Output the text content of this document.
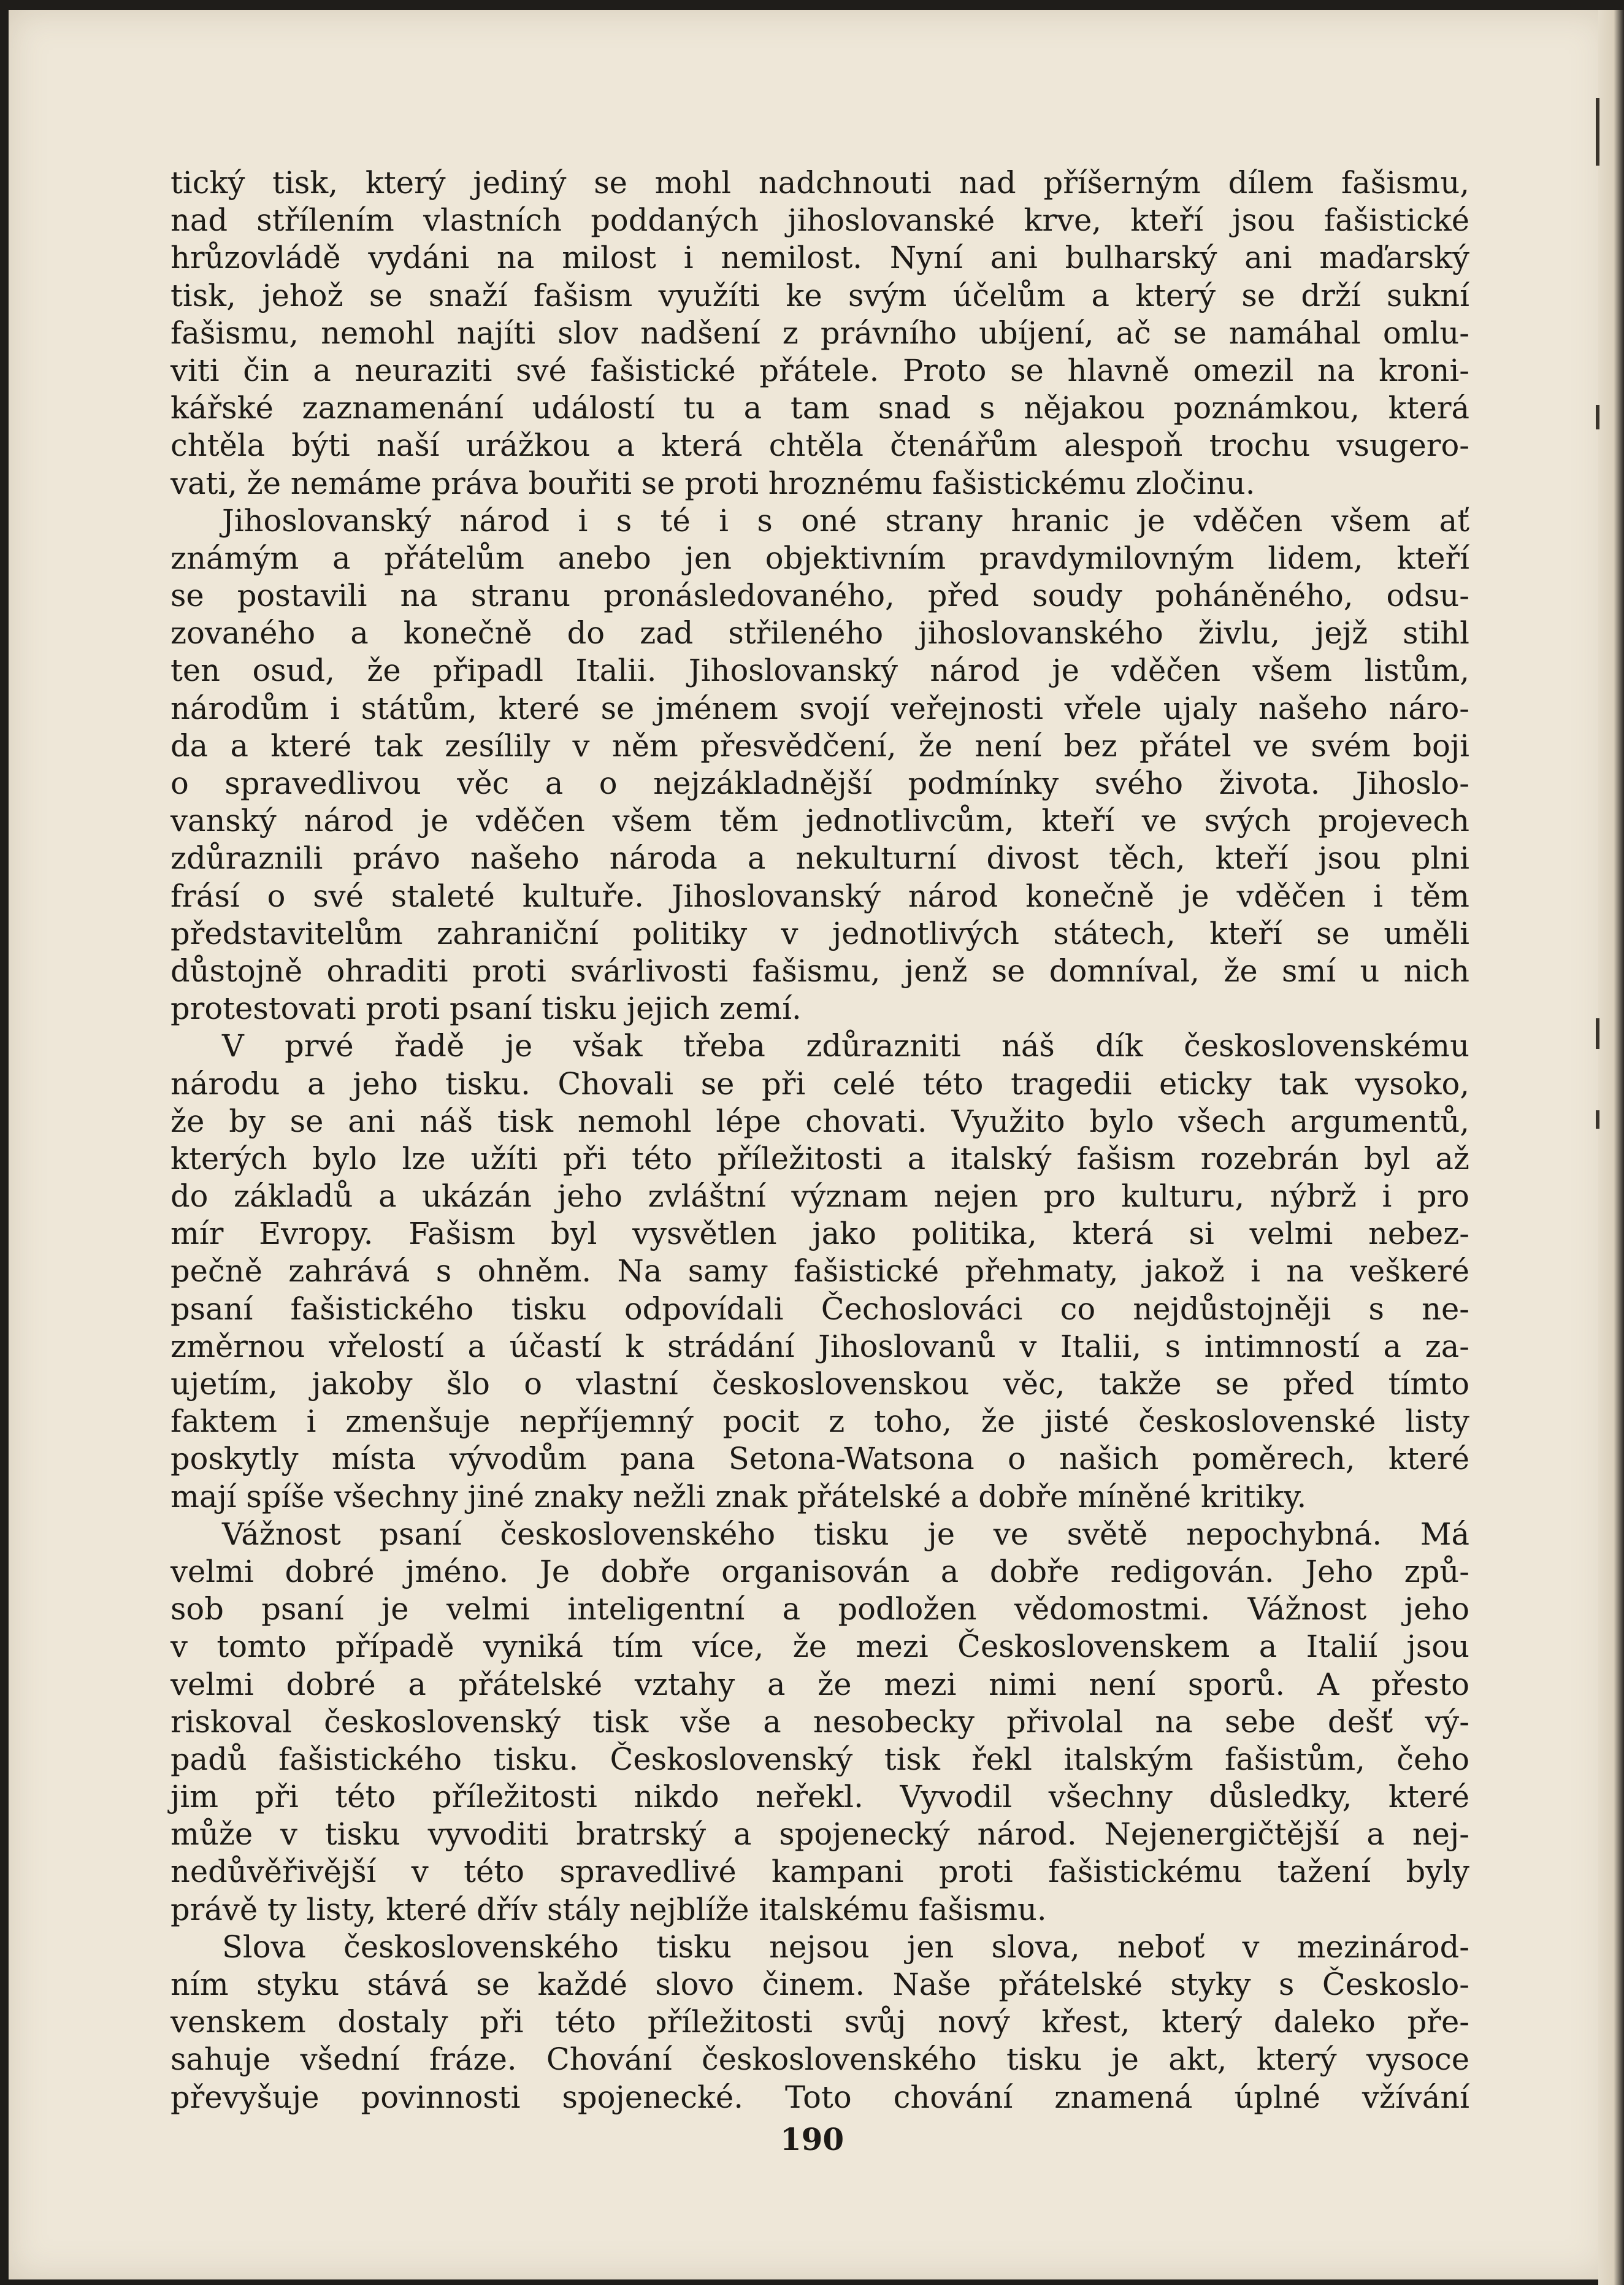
tický tisk, který jediný se mohl nadchnouti nad příšerným dílem fašismu,
nad střílením vlastních poddaných jihoslovanské krve, kteří jsou fašistické
hrůzovládě vydáni na milost i nemilost. Nyní ani bulharský ani maďarský
tisk, jehož se snaží fašism využíti ke svým účelům a který se drží sukní
fašismu, nemohl najíti slov nadšení z právního ubíjení, ač se namáhal omlu-
viti čin a neuraziti své fašistické přátele. Proto se hlavně omezil na kroni-
kářské zaznamenání událostí tu a tam snad s nějakou poznámkou, která
chtěla býti naší urážkou a která chtěla čtenářům alespoň trochu vsugero-
vati, že nemáme práva bouřiti se proti hroznému fašistickému zločinu.
Jihoslovanský národ i s té i s oné strany hranic je vděčen všem ať
známým a přátelům anebo jen objektivním pravdymilovným lidem, kteří
se postavili na stranu pronásledovaného, před soudy poháněného, odsu-
zovaného a konečně do zad střileného jihoslovanského živlu, jejž stihl
ten osud, že připadl Italii. Jihoslovanský národ je vděčen všem listům,
národům i státům, které se jménem svojí veřejnosti vřele ujaly našeho náro-
da a které tak zesílily v něm přesvědčení, že není bez přátel ve svém boji
o spravedlivou věc a o nejzákladnější podmínky svého života. Jihoslo-
vanský národ je vděčen všem těm jednotlivcům, kteří ve svých projevech
zdůraznili právo našeho národa a nekulturní divost těch, kteří jsou plni
frásí o své staleté kultuře. Jihoslovanský národ konečně je vděčen i těm
představitelům zahraniční politiky v jednotlivých státech, kteří se uměli
důstojně ohraditi proti svárlivosti fašismu, jenž se domníval, že smí u nich
protestovati proti psaní tisku jejich zemí.
V prvé řadě je však třeba zdůrazniti náš dík československému
národu a jeho tisku. Chovali se při celé této tragedii eticky tak vysoko,
že by se ani náš tisk nemohl lépe chovati. Využito bylo všech argumentů,
kterých bylo lze užíti při této příležitosti a italský fašism rozebrán byl až
do základů a ukázán jeho zvláštní význam nejen pro kulturu, nýbrž i pro
mír Evropy. Fašism byl vysvětlen jako politika, která si velmi nebez-
pečně zahrává s ohněm. Na samy fašistické přehmaty, jakož i na veškeré
psaní fašistického tisku odpovídali Čechoslováci co nejdůstojněji s ne-
změrnou vřelostí a účastí k strádání Jihoslovanů v Italii, s intimností a za-
ujetím, jakoby šlo o vlastní československou věc, takže se před tímto
faktem i zmenšuje nepříjemný pocit z toho, že jisté československé listy
poskytly místa vývodům pana Setona-Watsona o našich poměrech, které
mají spíše všechny jiné znaky nežli znak přátelské a dobře míněné kritiky.
Vážnost psaní československého tisku je ve světě nepochybná. Má
velmi dobré jméno. Je dobře organisován a dobře redigován. Jeho způ-
sob psaní je velmi inteligentní a podložen vědomostmi. Vážnost jeho
v tomto případě vyniká tím více, že mezi Československem a Italií jsou
velmi dobré a přátelské vztahy a že mezi nimi není sporů. A přesto
riskoval československý tisk vše a nesobecky přivolal na sebe dešť vý-
padů fašistického tisku. Československý tisk řekl italským fašistům, čeho
jim při této příležitosti nikdo neřekl. Vyvodil všechny důsledky, které
může v tisku vyvoditi bratrský a spojenecký národ. Nejenergičtější a nej-
nedůvěřivější v této spravedlivé kampani proti fašistickému tažení byly
právě ty listy, které dřív stály nejblíže italskému fašismu.
Slova československého tisku nejsou jen slova, neboť v mezinárod-
ním styku stává se každé slovo činem. Naše přátelské styky s Českoslo-
venskem dostaly při této příležitosti svůj nový křest, který daleko pře-
sahuje všední fráze. Chování československého tisku je akt, který vysoce
převyšuje povinnosti spojenecké. Toto chování znamená úplné vžívání
190
